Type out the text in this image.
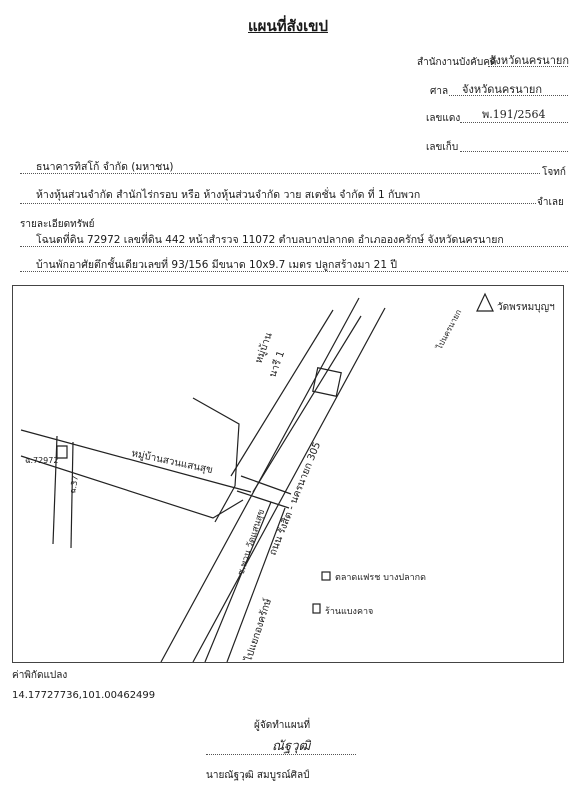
แผนที่สังเขป
สำนักงานบังคับคดี
จังหวัดนครนายก
ศาล จังหวัดนครนายก
เลขแดง พ.191/2564
เลขเก็บ
ธนาคารทิสโก้ จำกัด (มหาชน)	โจทก์
ห้างหุ้นส่วนจำกัด สำนักไร่กรอบ หรือ ห้างหุ้นส่วนจำกัด วาย สเตชั่น จำกัด ที่ 1 กับพวก
จำเลย
รายละเอียดทรัพย์
โฉนดที่ดิน 72972 เลขที่ดิน 442 หน้าสำรวจ 11072 ตำบลบางปลากด อำเภอองครักษ์ จังหวัดนครนายก
บ้านพักอาศัยตึกชั้นเดียวเลขที่ 93/156 มีขนาด 10x9.7 เมตร ปลูกสร้างมา 21 ปี
วัดพรหมบุญฯ
หมู่บ้าน
นารี 1
หมู่บ้านสวนแสนสุข
ฉ.72972
ฉ.37	ถนน รังสิต - นครนายก 305
ซ.พวน วัดแสนสุข
ไปแยกองครักษ์
ไปนครนายก
ตลาดแฟรช บางปลากด
ร้านแบงคาจ
ค่าพิกัดแปลง
14.17727736,101.00462499
ผู้จัดทำแผนที่
ณัฐวุฒิ
นายณัฐวุฒิ สมบูรณ์ศิลป์
